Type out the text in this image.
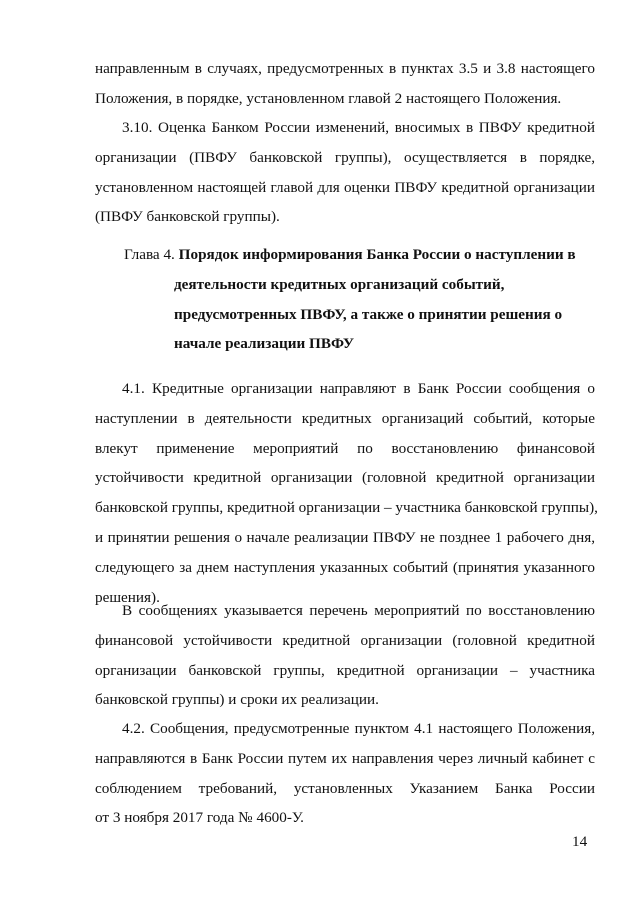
направленным в случаях, предусмотренных в пунктах 3.5 и 3.8 настоящего
Положения, в порядке, установленном главой 2 настоящего Положения.
3.10. Оценка Банком России изменений, вносимых в ПВФУ кредитной
организации (ПВФУ банковской группы), осуществляется в порядке,
установленном настоящей главой для оценки ПВФУ кредитной организации
(ПВФУ банковской группы).
Глава 4. Порядок информирования Банка России о наступлении в
деятельности кредитных организаций событий,
предусмотренных ПВФУ, а также о принятии решения о
начале реализации ПВФУ
4.1. Кредитные организации направляют в Банк России сообщения о
наступлении в деятельности кредитных организаций событий, которые
влекут применение мероприятий по восстановлению финансовой
устойчивости кредитной организации (головной кредитной организации
банковской группы, кредитной организации – участника банковской группы),
и принятии решения о начале реализации ПВФУ не позднее 1 рабочего дня,
следующего за днем наступления указанных событий (принятия указанного
решения).
В сообщениях указывается перечень мероприятий по восстановлению
финансовой устойчивости кредитной организации (головной кредитной
организации банковской группы, кредитной организации – участника
банковской группы) и сроки их реализации.
4.2. Сообщения, предусмотренные пунктом 4.1 настоящего Положения,
направляются в Банк России путем их направления через личный кабинет с
соблюдением требований, установленных Указанием Банка России
от 3 ноября 2017 года № 4600-У.
14
